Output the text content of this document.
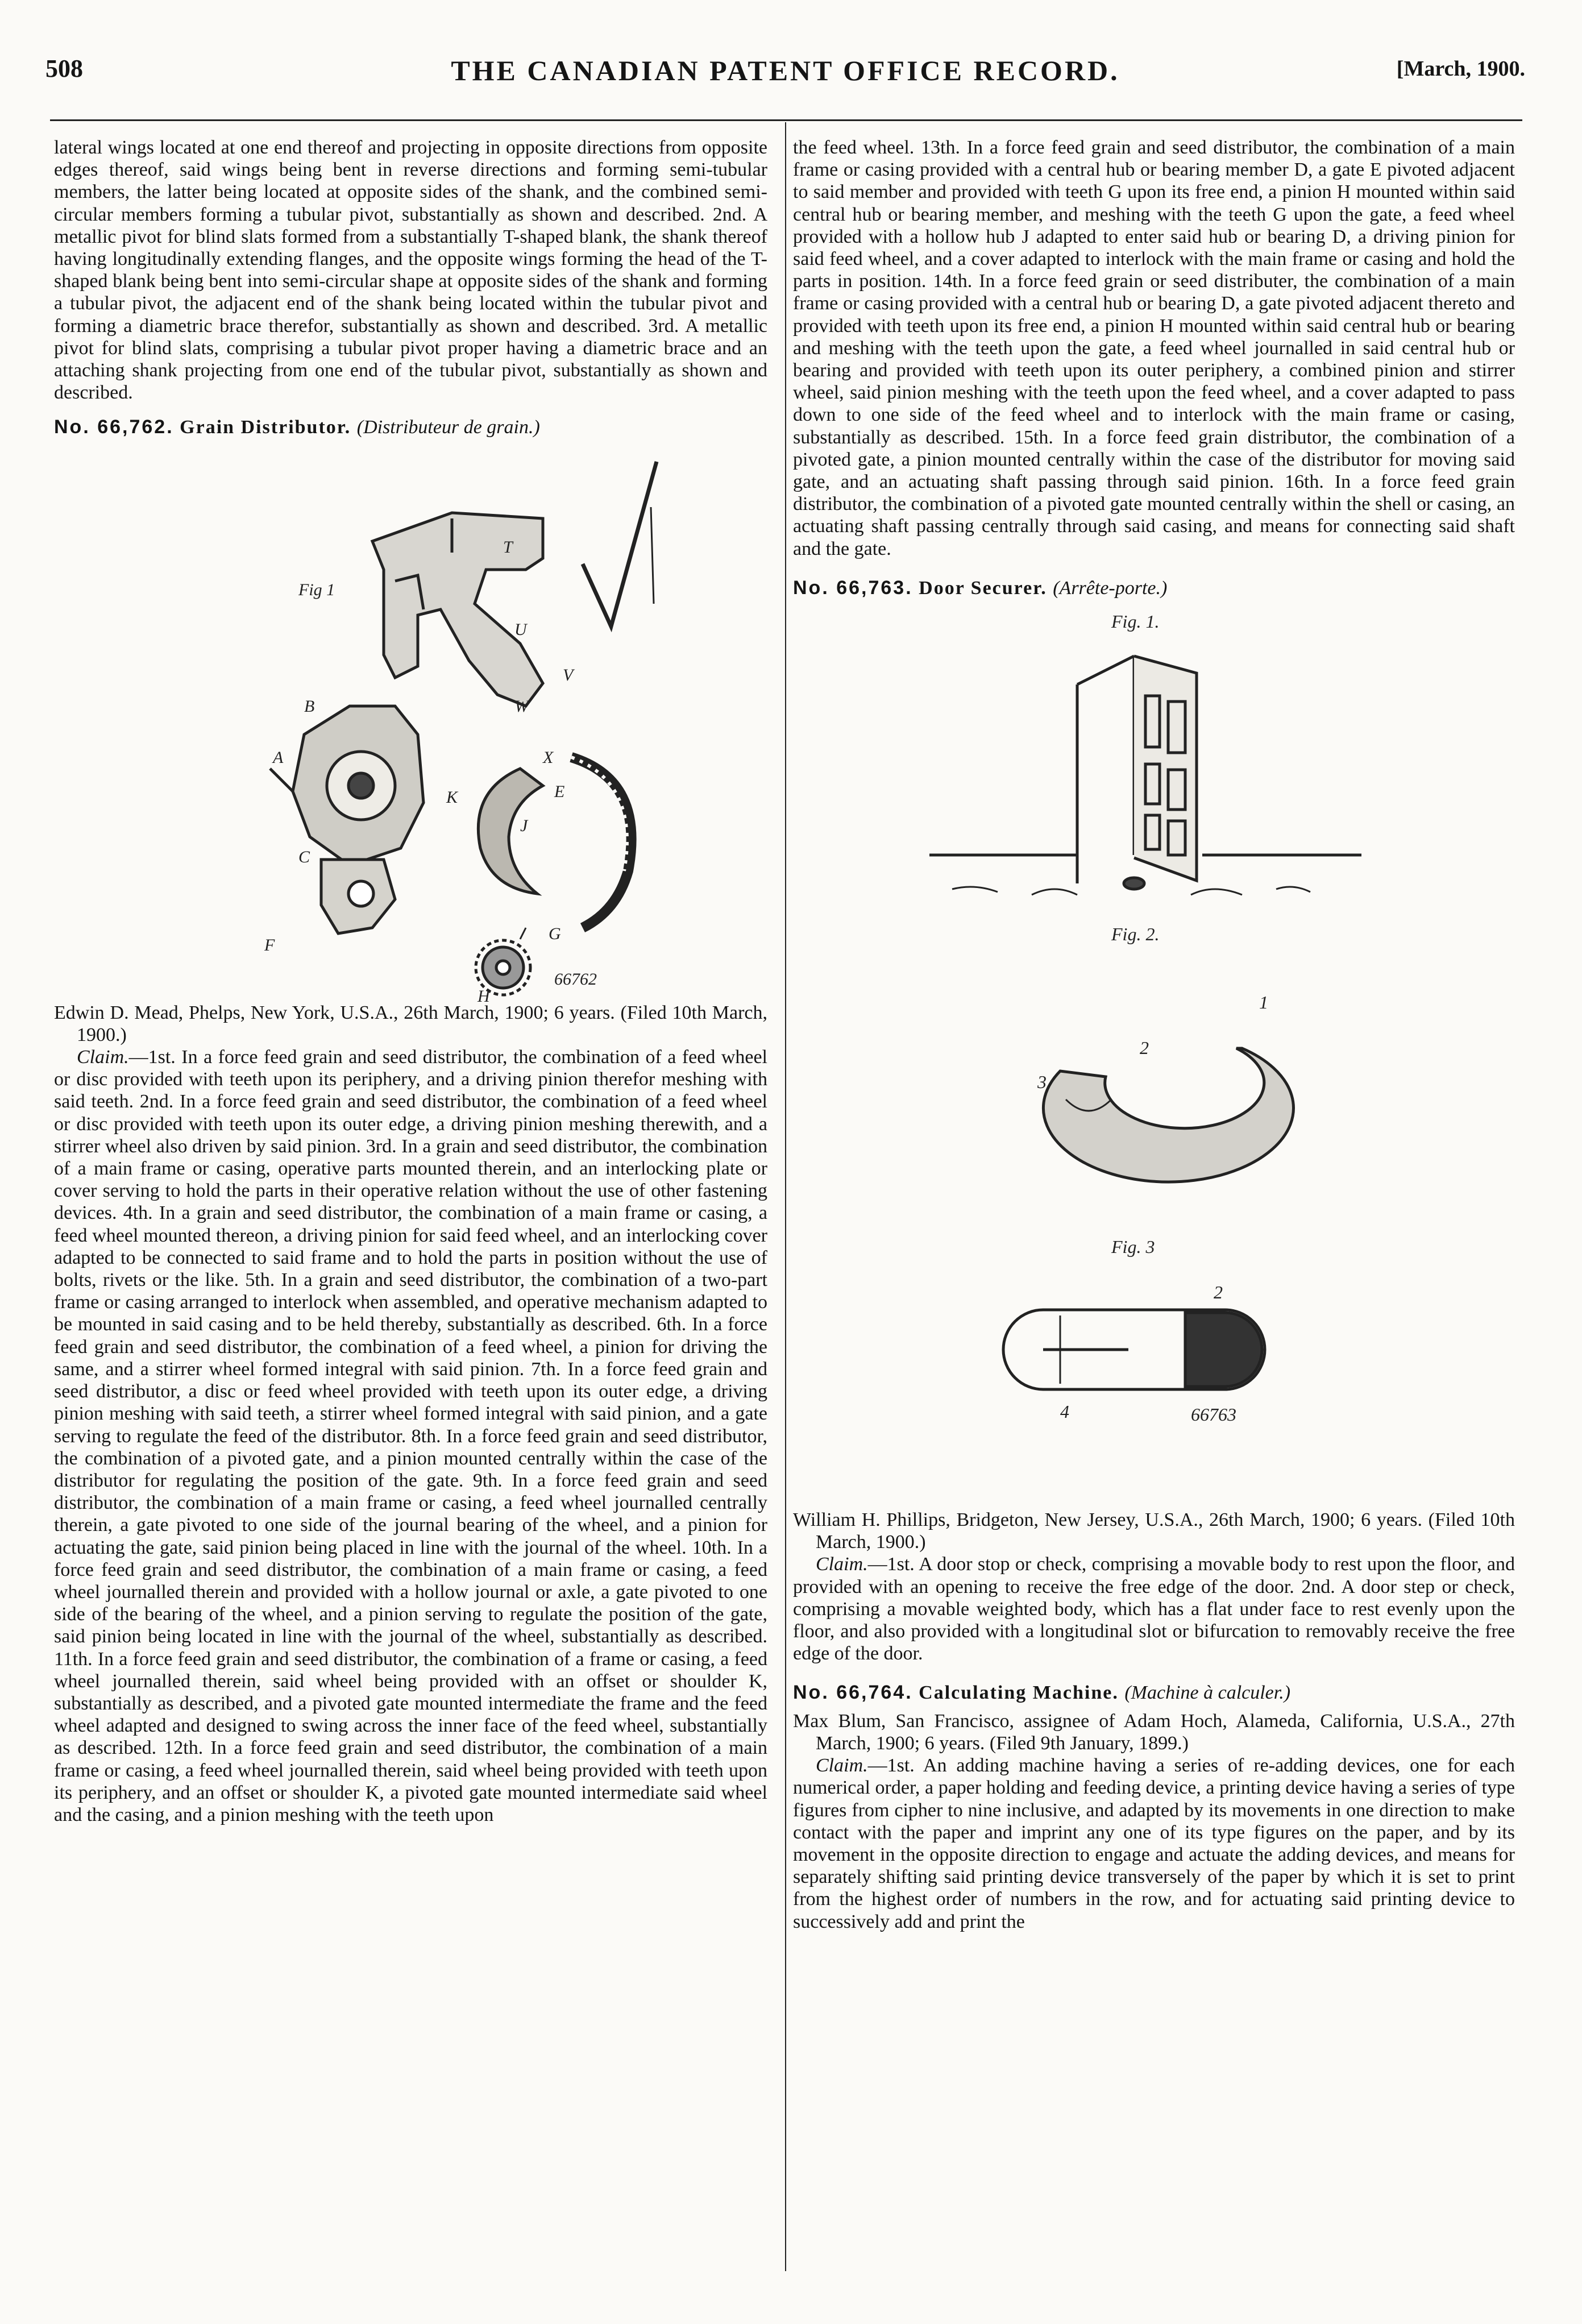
508	THE CANADIAN PATENT OFFICE RECORD.	[March, 1900.

lateral wings located at one end thereof and projecting in opposite directions from opposite edges thereof, said wings being bent in reverse directions and forming semi-tubular members, the latter being located at opposite sides of the shank, and the combined semi-circular members forming a tubular pivot, substantially as shown and described. 2nd. A metallic pivot for blind slats formed from a substantially T-shaped blank, the shank thereof having longitudinally extending flanges, and the opposite wings forming the head of the T-shaped blank being bent into semi-circular shape at opposite sides of the shank and forming a tubular pivot, the adjacent end of the shank being located within the tubular pivot and forming a diametric brace therefor, substantially as shown and described. 3rd. A metallic pivot for blind slats, comprising a tubular pivot proper having a diametric brace and an attaching shank projecting from one end of the tubular pivot, substantially as shown and described.

No. 66,762. Grain Distributor. (Distributeur de grain.)

Fig 1
T
U
V
W
B
A
C
F
K
X
E
J
G
H
66762

Edwin D. Mead, Phelps, New York, U.S.A., 26th March, 1900; 6 years. (Filed 10th March, 1900.)

Claim.—1st. In a force feed grain and seed distributor, the combination of a feed wheel or disc provided with teeth upon its periphery, and a driving pinion therefor meshing with said teeth. 2nd. In a force feed grain and seed distributor, the combination of a feed wheel or disc provided with teeth upon its outer edge, a driving pinion meshing therewith, and a stirrer wheel also driven by said pinion. 3rd. In a grain and seed distributor, the combination of a main frame or casing, operative parts mounted therein, and an interlocking plate or cover serving to hold the parts in their operative relation without the use of other fastening devices. 4th. In a grain and seed distributor, the combination of a main frame or casing, a feed wheel mounted thereon, a driving pinion for said feed wheel, and an interlocking cover adapted to be connected to said frame and to hold the parts in position without the use of bolts, rivets or the like. 5th. In a grain and seed distributor, the combination of a two-part frame or casing arranged to interlock when assembled, and operative mechanism adapted to be mounted in said casing and to be held thereby, substantially as described. 6th. In a force feed grain and seed distributor, the combination of a feed wheel, a pinion for driving the same, and a stirrer wheel formed integral with said pinion. 7th. In a force feed grain and seed distributor, a disc or feed wheel provided with teeth upon its outer edge, a driving pinion meshing with said teeth, a stirrer wheel formed integral with said pinion, and a gate serving to regulate the feed of the distributor. 8th. In a force feed grain and seed distributor, the combination of a pivoted gate, and a pinion mounted centrally within the case of the distributor for regulating the position of the gate. 9th. In a force feed grain and seed distributor, the combination of a main frame or casing, a feed wheel journalled centrally therein, a gate pivoted to one side of the journal bearing of the wheel, and a pinion for actuating the gate, said pinion being placed in line with the journal of the wheel. 10th. In a force feed grain and seed distributor, the combination of a main frame or casing, a feed wheel journalled therein and provided with a hollow journal or axle, a gate pivoted to one side of the bearing of the wheel, and a pinion serving to regulate the position of the gate, said pinion being located in line with the journal of the wheel, substantially as described. 11th. In a force feed grain and seed distributor, the combination of a frame or casing, a feed wheel journalled therein, said wheel being provided with an offset or shoulder K, substantially as described, and a pivoted gate mounted intermediate the frame and the feed wheel adapted and designed to swing across the inner face of the feed wheel, substantially as described. 12th. In a force feed grain and seed distributor, the combination of a main frame or casing, a feed wheel journalled therein, said wheel being provided with teeth upon its periphery, and an offset or shoulder K, a pivoted gate mounted intermediate said wheel and the casing, and a pinion meshing with the teeth upon

the feed wheel. 13th. In a force feed grain and seed distributor, the combination of a main frame or casing provided with a central hub or bearing member D, a gate E pivoted adjacent to said member and provided with teeth G upon its free end, a pinion H mounted within said central hub or bearing member, and meshing with the teeth G upon the gate, a feed wheel provided with a hollow hub J adapted to enter said hub or bearing D, a driving pinion for said feed wheel, and a cover adapted to interlock with the main frame or casing and hold the parts in position. 14th. In a force feed grain or seed distributer, the combination of a main frame or casing provided with a central hub or bearing D, a gate pivoted adjacent thereto and provided with teeth upon its free end, a pinion H mounted within said central hub or bearing and meshing with the teeth upon the gate, a feed wheel journalled in said central hub or bearing and provided with teeth upon its outer periphery, a combined pinion and stirrer wheel, said pinion meshing with the teeth upon the feed wheel, and a cover adapted to pass down to one side of the feed wheel and to interlock with the main frame or casing, substantially as described. 15th. In a force feed grain distributor, the combination of a pivoted gate, a pinion mounted centrally within the case of the distributor for moving said gate, and an actuating shaft passing through said pinion. 16th. In a force feed grain distributor, the combination of a pivoted gate mounted centrally within the shell or casing, an actuating shaft passing centrally through said casing, and means for connecting said shaft and the gate.

No. 66,763. Door Securer. (Arrête-porte.)

Fig. 1.
Fig. 2.
Fig. 3
1
2
3
2
4	66763

William H. Phillips, Bridgeton, New Jersey, U.S.A., 26th March, 1900; 6 years. (Filed 10th March, 1900.)

Claim.—1st. A door stop or check, comprising a movable body to rest upon the floor, and provided with an opening to receive the free edge of the door. 2nd. A door step or check, comprising a movable weighted body, which has a flat under face to rest evenly upon the floor, and also provided with a longitudinal slot or bifurcation to removably receive the free edge of the door.

No. 66,764. Calculating Machine. (Machine à calculer.)

Max Blum, San Francisco, assignee of Adam Hoch, Alameda, California, U.S.A., 27th March, 1900; 6 years. (Filed 9th January, 1899.)

Claim.—1st. An adding machine having a series of re-adding devices, one for each numerical order, a paper holding and feeding device, a printing device having a series of type figures from cipher to nine inclusive, and adapted by its movements in one direction to make contact with the paper and imprint any one of its type figures on the paper, and by its movement in the opposite direction to engage and actuate the adding devices, and means for separately shifting said printing device transversely of the paper by which it is set to print from the highest order of numbers in the row, and for actuating said printing device to successively add and print the
